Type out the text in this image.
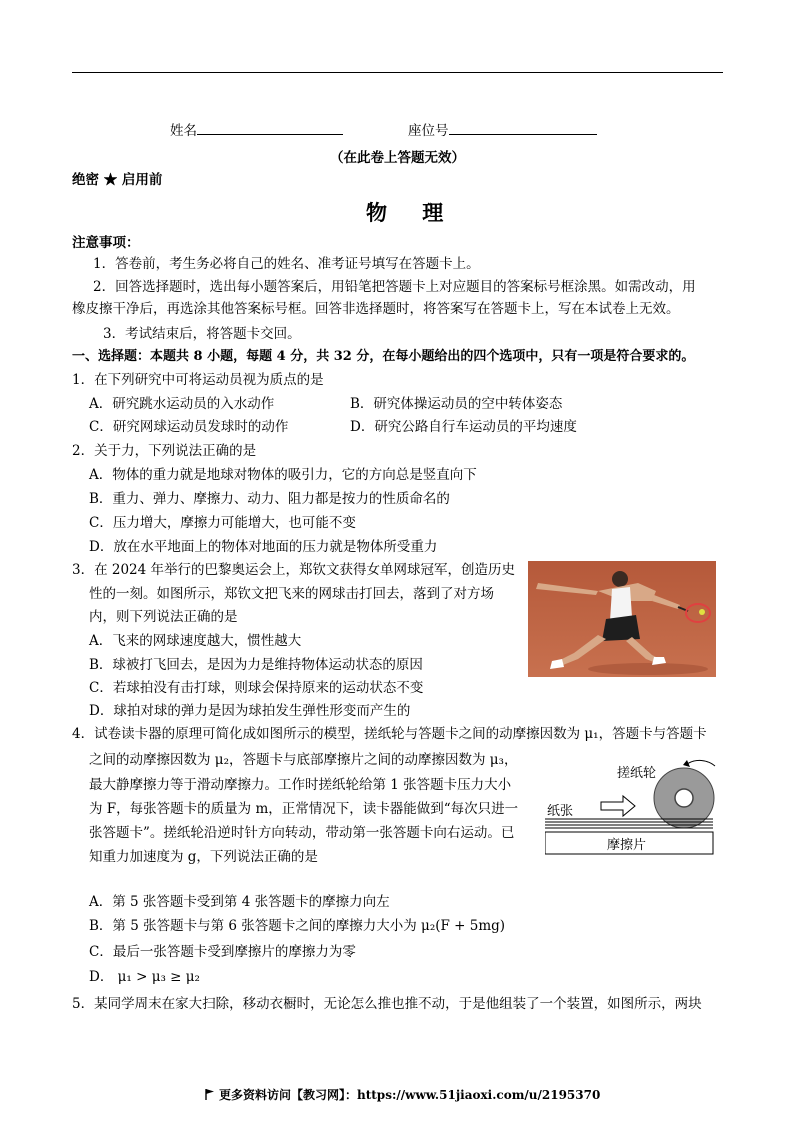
姓名	座位号
（在此卷上答题无效）
绝密 ★ 启用前
物 理
注意事项：
1．答卷前，考生务必将自己的姓名、准考证号填写在答题卡上。
2．回答选择题时，选出每小题答案后，用铅笔把答题卡上对应题目的答案标号框涂黑。如需改动，用
橡皮擦干净后，再选涂其他答案标号框。回答非选择题时，将答案写在答题卡上，写在本试卷上无效。
3．考试结束后，将答题卡交回。
一、选择题：本题共 8 小题，每题 4 分，共 32 分，在每小题给出的四个选项中，只有一项是符合要求的。
1．在下列研究中可将运动员视为质点的是
A．研究跳水运动员的入水动作	B．研究体操运动员的空中转体姿态
C．研究网球运动员发球时的动作	D．研究公路自行车运动员的平均速度
2．关于力，下列说法正确的是
A．物体的重力就是地球对物体的吸引力，它的方向总是竖直向下
B．重力、弹力、摩擦力、动力、阻力都是按力的性质命名的
C．压力增大，摩擦力可能增大，也可能不变
D．放在水平地面上的物体对地面的压力就是物体所受重力
3．在 2024 年举行的巴黎奥运会上，郑钦文获得女单网球冠军，创造历史
性的一刻。如图所示，郑钦文把飞来的网球击打回去，落到了对方场
内，则下列说法正确的是
A．飞来的网球速度越大，惯性越大
B．球被打飞回去，是因为力是维持物体运动状态的原因
C．若球拍没有击打球，则球会保持原来的运动状态不变
D．球拍对球的弹力是因为球拍发生弹性形变而产生的
4．试卷读卡器的原理可简化成如图所示的模型，搓纸轮与答题卡之间的动摩擦因数为 μ₁，答题卡与答题卡
之间的动摩擦因数为 μ₂，答题卡与底部摩擦片之间的动摩擦因数为 μ₃，
最大静摩擦力等于滑动摩擦力。工作时搓纸轮给第 1 张答题卡压力大小
为 F，每张答题卡的质量为 m，正常情况下，读卡器能做到“每次只进一
张答题卡”。搓纸轮沿逆时针方向转动，带动第一张答题卡向右运动。已
知重力加速度为 g，下列说法正确的是
搓纸轮
纸张
摩擦片
A．第 5 张答题卡受到第 4 张答题卡的摩擦力向左
B．第 5 张答题卡与第 6 张答题卡之间的摩擦力大小为 μ₂(F + 5mg)
C．最后一张答题卡受到摩擦片的摩擦力为零
D． μ₁ > μ₃ ≥ μ₂
5．某同学周末在家大扫除，移动衣橱时，无论怎么推也推不动，于是他组装了一个装置，如图所示，两块
更多资料访问【教习网】：https://www.51jiaoxi.com/u/2195370
